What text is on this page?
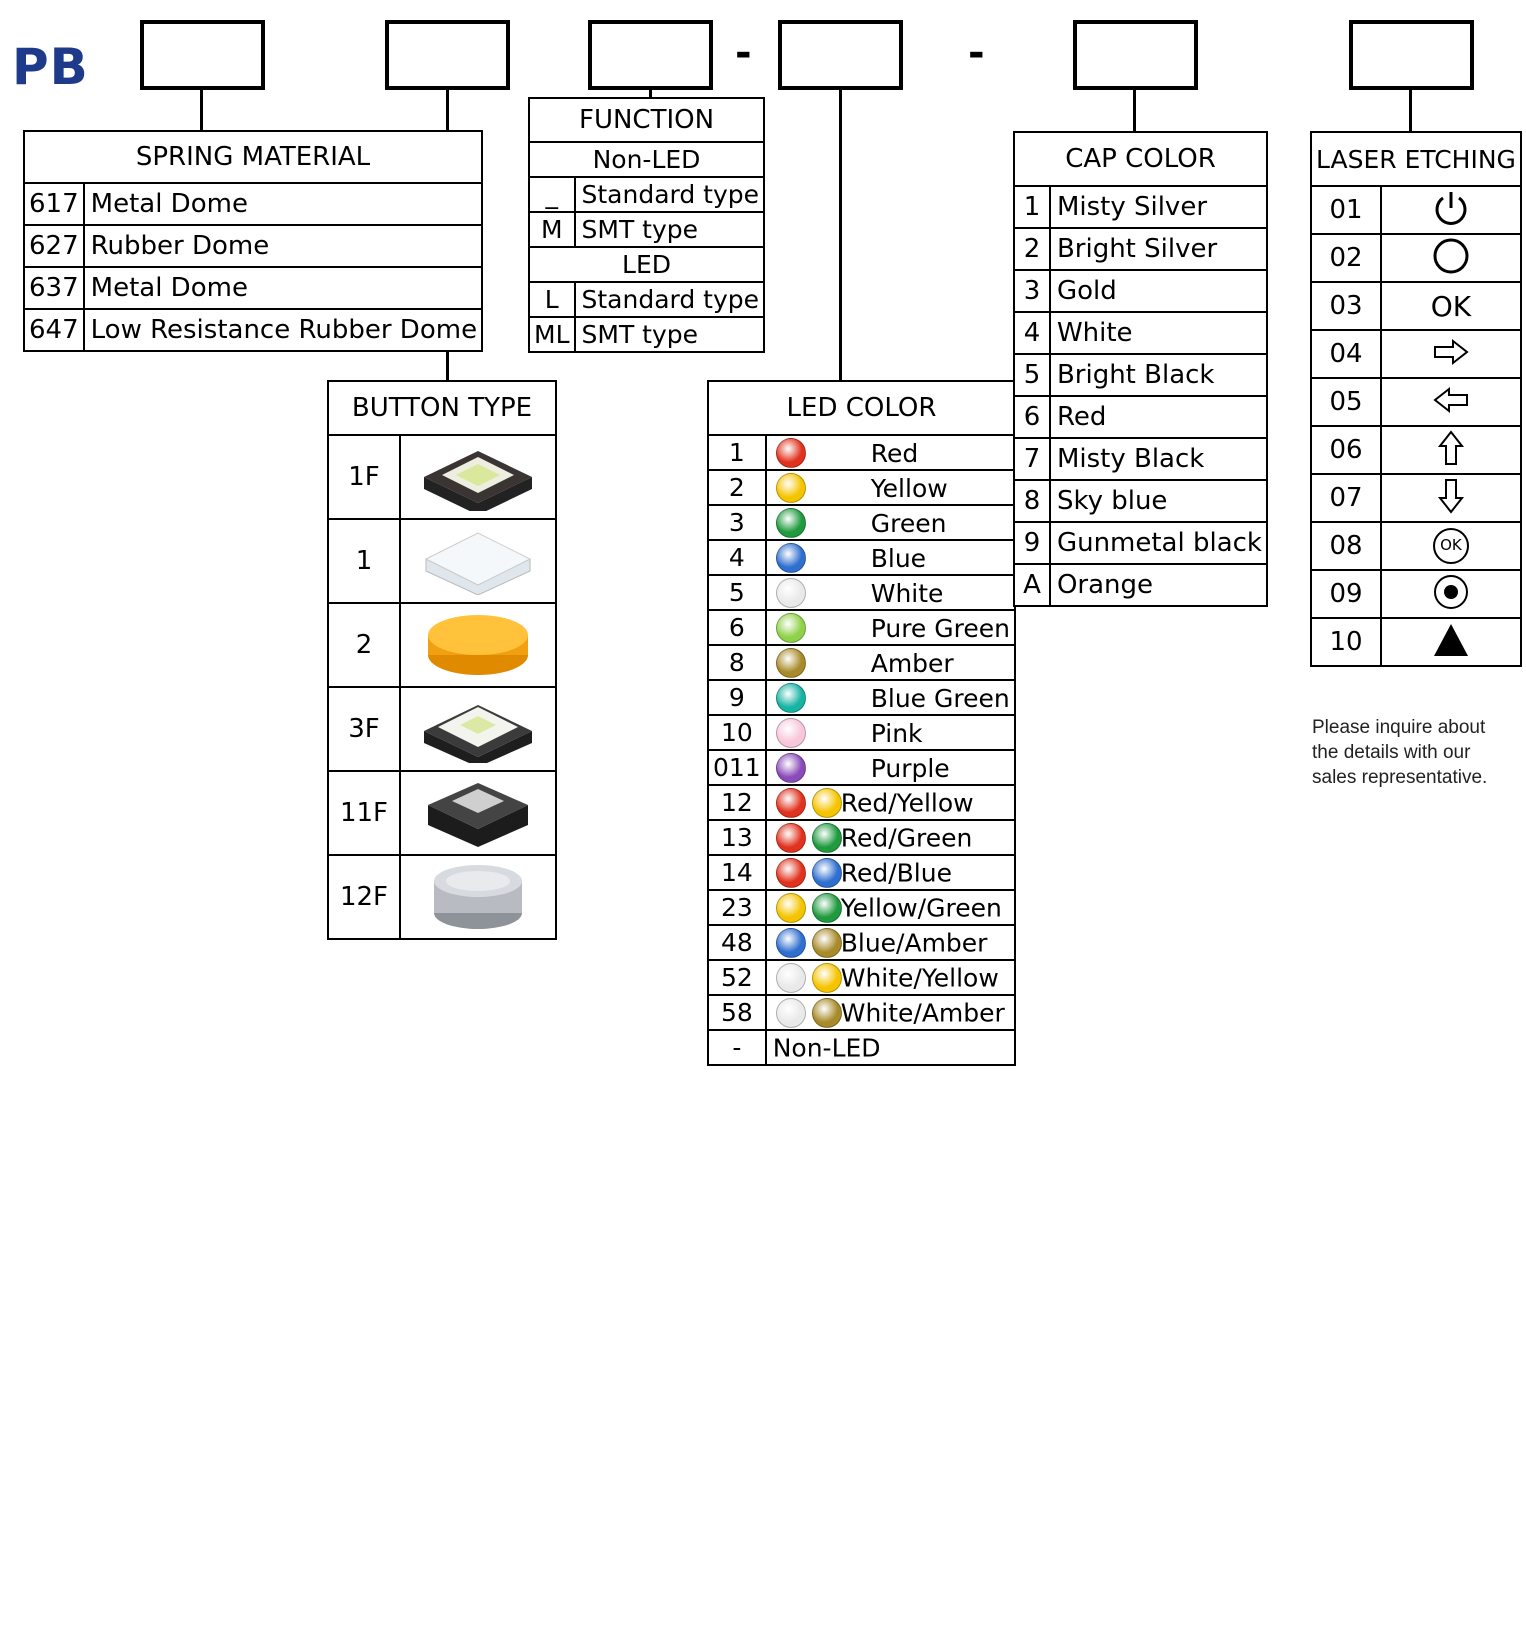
PB	-	-
SPRING MATERIAL	
617	Metal Dome
627	Rubber Dome
637	Metal Dome
647	Low Resistance Rubber Dome
BUTTON TYPE	
1F	
1	
2	
3F	
11F	
12F	
FUNCTION	
Non-LED	
_	Standard type
M	SMT type
LED	
L	Standard type
ML	SMT type
LED COLOR	
1	Red
2	Yellow
3	Green
4	Blue
5	White
6	Pure Green
8	Amber
9	Blue Green
10	Pink
011	Purple
12	Red/Yellow
13	Red/Green
14	Red/Blue
23	Yellow/Green
48	Blue/Amber
52	White/Yellow
58	White/Amber
-	Non-LED
CAP COLOR	
1	Misty Silver
2	Bright Silver
3	Gold
4	White
5	Bright Black
6	Red
7	Misty Black
8	Sky blue
9	Gunmetal black
A	Orange
LASER ETCHING	
01	
02	
03	OK
04	
05	
06	
07	
08	OK

09	
10	
Please inquire about the details with our sales representative.
